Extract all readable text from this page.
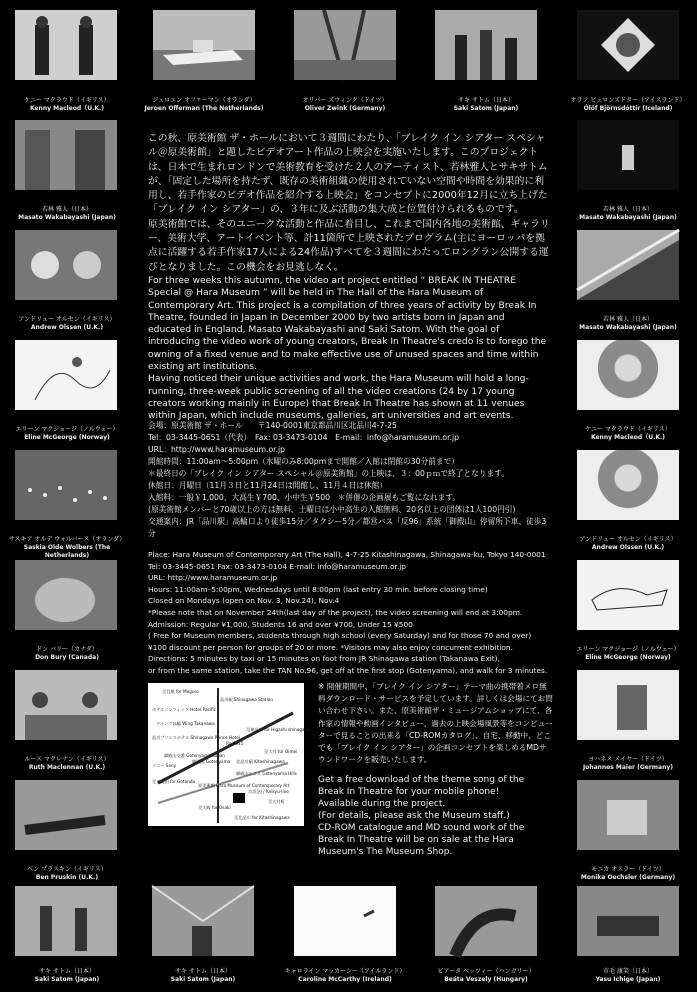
ケニー マクラウド（イギリス）
Kenny Macleod（U.K.)
ジュロエン オファーマン（オランダ）
Jeroen Offerman (The Netherlands)
オリバー ズウィンク（ドイツ）
Oliver Zwink (Germany)
サキ サトム（日本）
Saki Satom (Japan)
オラフ ビュロンズドター（アイスランド）
Ólöf Björnsdóttir (Iceland)
若林 雅人（日本）
Masato Wakabayashi (Japan)
若林 雅人（日本）
Masato Wakabayashi (Japan)
アンドリュー オルセン（イギリス）
Andrew Olssen (U.K.)
若林 雅人（日本）
Masato Wakabayashi (Japan)
エリーン マクジョージ（ノルウェー）
Eline McGeorge (Norway)
ケニー マクラウド（イギリス）
Kenny Macleod（U.K.)
サスキア オルデ ウォルバース（オランダ）
Saskia Olde Wolbers (The Netherlands)
アンドリュー オルセン（イギリス）
Andrew Olssen (U.K.)
ドン バリー（カナダ）
Don Bury (Canada)
エリーン マクジョージ（ノルウェー）
Eline McGeorge (Norway)
ルース マクレナン（イギリス）
Ruth Maclennan (U.K.)
ヨハネス メイヤー（ドイツ）
Johannes Maier (Germany)
ベン プラスキン（イギリス）
Ben Pruskin (U.K.)
モニカ オスラー（ドイツ）
Monika Oechsler (Germany)
サキ サトム（日本）
Saki Satom (Japan)
サキ サトム（日本）
Saki Satom (Japan)
キャロライン マッカーシー（アイルランド）
Caroline McCarthy (Ireland)
ビアータ ベッツィー（ハンガリー）
Beáta Veszely (Hungary)
市毛 康笑（日本）
Yasu Ichige (Japan)

この秋、原美術館 ザ・ホールにおいて３週間にわたり、「ブレイク イン シアター スペシャル＠原美術館」と題したビデオアート作品の上映会を実施いたします。このプロジェクトは、日本で生まれロンドンで美術教育を受けた２人のアーティスト、若林雅人とサキサトムが、「固定した場所を持たず、既存の美術組織の使用されていない空間や時間を効果的に利用し、若手作家のビデオ作品を紹介する上映会」をコンセプトに2000年12月に立ち上げた「ブレイク イン シアター」の、３年に及ぶ活動の集大成と位置付けられるものです。

原美術館では、そのユニークな活動と作品に着目し、これまで国内各地の美術館、ギャラリー、美術大学、アートイベント等、計11箇所で上映されたプログラム(主にヨーロッパを拠点に活躍する若手作家17人による24作品)すべてを３週間にわたってロングラン公開する運びとなりました。この機会をお見逃しなく。

For three weeks this autumn, the video art project entitled “ BREAK IN THEATRE Special @ Hara Museum ” will be held in The Hall of the Hara Museum of Contemporary Art. This project is a compilation of three years of activity by Break In Theatre, founded in Japan in December 2000 by two artists born in Japan and educated in England, Masato Wakabayashi and Saki Satom. With the goal of introducing the video work of young creators, Break In Theatre's credo is to forego the owning of a fixed venue and to make effective use of unused spaces and time within existing art institutions.

Having noticed their unique activities and work, the Hara Museum will hold a long-running, three-week public screening of all the video creations (24 by 17 young creators working mainly in Europe) that Break In Theatre has shown at 11 venues within Japan, which include museums, galleries, art universities and art events.

会場：原美術館 ザ・ホール　　〒140-0001東京都品川区北品川4-7-25

Tel：03-3445-0651（代表）　Fax: 03-3473-0104　E-mail：info@haramuseum.or.jp

URL：http://www.haramuseum.or.jp

開館時間：11:00am〜5:00pm（水曜のみ8:00pmまで開館／入館は閉館の30分前まで）

＊最終日の「ブレイク イン シアター スペシャル＠原美術館」の上映は、３：00ｐｍで終了となります。

休館日：月曜日（11月３日と11月24日は開館し、11月４日は休館）

入館料：一般￥1,000、大高生￥700、小中生￥500　＊併催の企画展もご覧になれます。

(原美術館メンバーと70歳以上の方は無料、土曜日は小中高生の入館無料、20名以上の団体は1人100円引)

交通案内：JR「品川駅」高輪口より徒歩15分／タクシー5分／都営バス「反96」系統「御殿山」停留所下車、徒歩3分

Place: Hara Museum of Contemporary Art (The Hall), 4-7-25 Kitashinagawa, Shinagawa-ku, Tokyo 140-0001

Tel: 03-3445-0651 Fax: 03-3473-0104 E-mail: info@haramuseum.or.jp

URL: http://www.haramuseum.or.jp

Hours: 11:00am–5:00pm, Wednesdays until 8:00pm (last entry 30 min. before closing time)

Closed on Mondays (open on Nov. 3, Nov.24), Nov.4

*Please note that on November 24th(last day of the project), the video screening will end at 3:00pm.

Admission: Regular ¥1,000, Students 16 and over ¥700, Under 15 ¥500

( Free for Museum members, students through high school (every Saturday) and for those 70 and over)

¥100 discount per person for groups of 20 or more. *Visitors may also enjoy concurrent exhibition.

Directions: 5 minutes by taxi or 15 minutes on foot from JR Shinagawa station (Takanawa Exit),

or from the same station, take the TAN No.96, get off at the first stop (Gotenyama), and walk for 3 minutes.

至目黒 for Meguro
品川駅 Shinagawa Station
ホテルパシフィック Hotel Pacific
ウイング高輪 Wing Takanawa
品川プリンスホテル Shinagawa Prince Hotel
至東品川 for Higashi shinagawa
Route15
至大井 for Oimei
御殿山交番 Gotenyama Koban
ソニー Sony
御殿山 Gotenyama 北品川駅 Kitashinagawa
御殿山ヒルズ Gotenyama Hills
原美術館 Hara Museum of Contemporary Art
至五反田 for Gotanda
至大崎 for Osaki
至北品川 for Kitashinagawa
京浜急行 Keikyu-line
至大井町
※ 開催期間中、「ブレイク イン シアター」テーマ曲の携帯着メロ無料ダウンロード・サービスを予定しています。詳しくは会場にてお問い合わせ下さい。また、原美術館ザ・ミュージアムショップにて、各作家の情報や動画インタビュー、過去の上映会場風景等をコンピューターで見ることの出来る「CD-ROMカタログ」、自宅、移動中、どこでも「ブレイク イン シアター」の企画コンセプトを楽しめるMDサウンドワークを販売いたします。
Get a free download of the theme song of the Break In Theatre for your mobile phone!
Available during the project.
(For details, please ask the Museum staff.)
CD-ROM catalogue and MD sound work of the Break In Theatre will be on sale at the Hara Museum's The Museum Shop.
